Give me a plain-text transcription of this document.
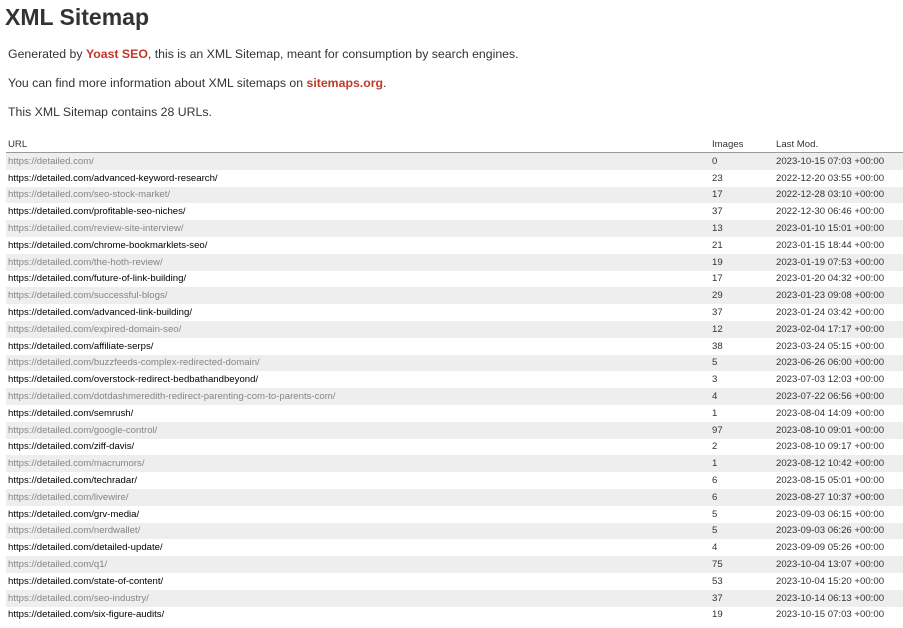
XML Sitemap

Generated by Yoast SEO, this is an XML Sitemap, meant for consumption by search engines.

You can find more information about XML sitemaps on sitemaps.org.

This XML Sitemap contains 28 URLs.

URL	Images	Last Mod.
https://detailed.com/	0	2023-10-15 07:03 +00:00
https://detailed.com/advanced-keyword-research/	23	2022-12-20 03:55 +00:00
https://detailed.com/seo-stock-market/	17	2022-12-28 03:10 +00:00
https://detailed.com/profitable-seo-niches/	37	2022-12-30 06:46 +00:00
https://detailed.com/review-site-interview/	13	2023-01-10 15:01 +00:00
https://detailed.com/chrome-bookmarklets-seo/	21	2023-01-15 18:44 +00:00
https://detailed.com/the-hoth-review/	19	2023-01-19 07:53 +00:00
https://detailed.com/future-of-link-building/	17	2023-01-20 04:32 +00:00
https://detailed.com/successful-blogs/	29	2023-01-23 09:08 +00:00
https://detailed.com/advanced-link-building/	37	2023-01-24 03:42 +00:00
https://detailed.com/expired-domain-seo/	12	2023-02-04 17:17 +00:00
https://detailed.com/affiliate-serps/	38	2023-03-24 05:15 +00:00
https://detailed.com/buzzfeeds-complex-redirected-domain/	5	2023-06-26 06:00 +00:00
https://detailed.com/overstock-redirect-bedbathandbeyond/	3	2023-07-03 12:03 +00:00
https://detailed.com/dotdashmeredith-redirect-parenting-com-to-parents-com/	4	2023-07-22 06:56 +00:00
https://detailed.com/semrush/	1	2023-08-04 14:09 +00:00
https://detailed.com/google-control/	97	2023-08-10 09:01 +00:00
https://detailed.com/ziff-davis/	2	2023-08-10 09:17 +00:00
https://detailed.com/macrumors/	1	2023-08-12 10:42 +00:00
https://detailed.com/techradar/	6	2023-08-15 05:01 +00:00
https://detailed.com/livewire/	6	2023-08-27 10:37 +00:00
https://detailed.com/grv-media/	5	2023-09-03 06:15 +00:00
https://detailed.com/nerdwallet/	5	2023-09-03 06:26 +00:00
https://detailed.com/detailed-update/	4	2023-09-09 05:26 +00:00
https://detailed.com/q1/	75	2023-10-04 13:07 +00:00
https://detailed.com/state-of-content/	53	2023-10-04 15:20 +00:00
https://detailed.com/seo-industry/	37	2023-10-14 06:13 +00:00
https://detailed.com/six-figure-audits/	19	2023-10-15 07:03 +00:00
